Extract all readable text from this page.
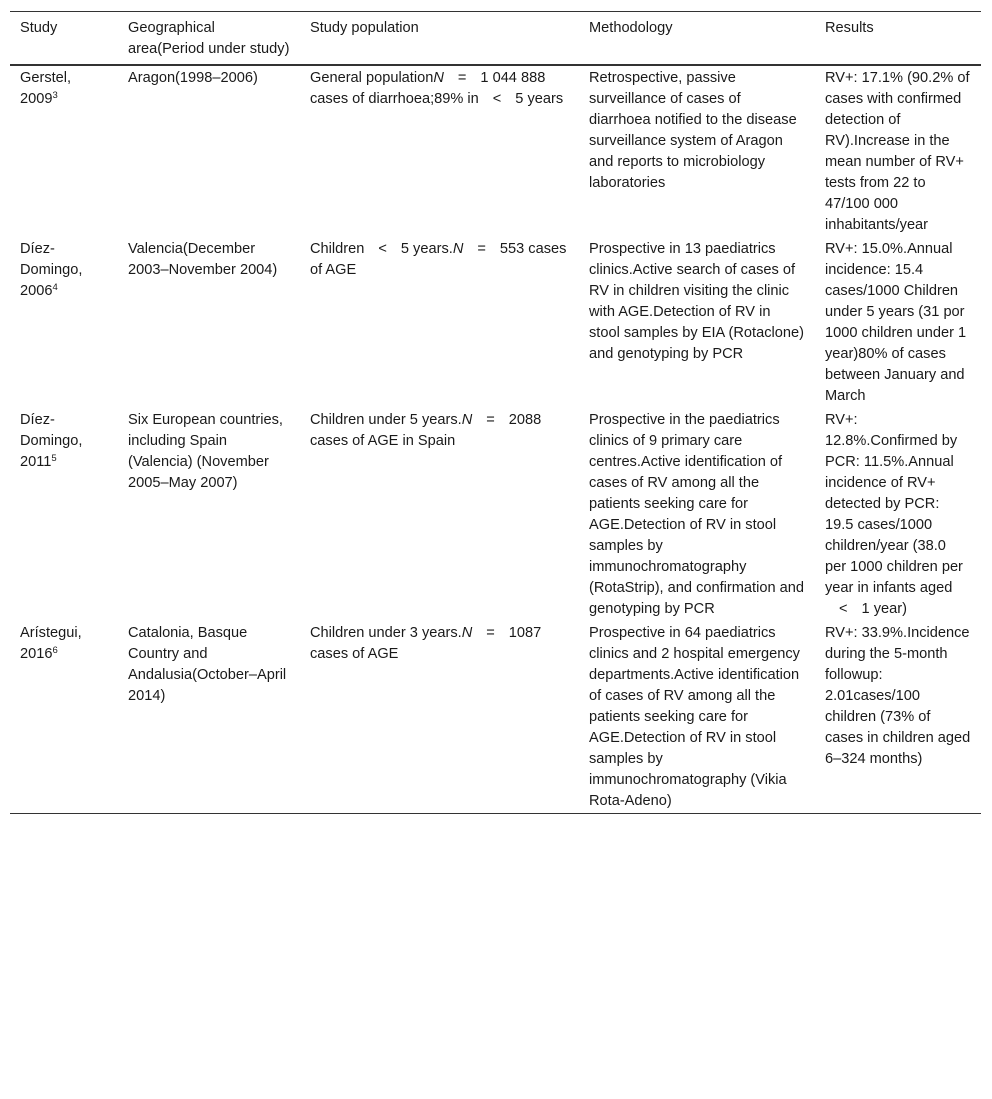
Study	Geographical area(Period under study)	Study population	Methodology	Results
Gerstel, 2009$^3$	Aragon(1998–2006)	General populationN = 1 044 888 cases of diarrhoea;89% in < 5 years	Retrospective, passive surveillance of cases of diarrhoea notified to the disease surveillance system of Aragon and reports to microbiology laboratories	RV+: 17.1% (90.2% of cases with confirmed detection of RV).Increase in the mean number of RV+ tests from 22 to 47/100 000 inhabitants/year
Díez-Domingo, 2006$^4$	Valencia(December 2003–November 2004)	Children < 5 years.N = 553 cases of AGE	Prospective in 13 paediatrics clinics.Active search of cases of RV in children visiting the clinic with AGE.Detection of RV in stool samples by EIA (Rotaclone) and genotyping by PCR	RV+: 15.0%.Annual incidence: 15.4 cases/1000 Children under 5 years (31 por 1000 children under 1 year)80% of cases between January and March
Díez-Domingo, 2011$^5$	Six European countries, including Spain (Valencia) (November 2005–May 2007)	Children under 5 years.N = 2088 cases of AGE in Spain	Prospective in the paediatrics clinics of 9 primary care centres.Active identification of cases of RV among all the patients seeking care for AGE.Detection of RV in stool samples by immunochromatography (RotaStrip), and confirmation and genotyping by PCR	RV+: 12.8%.Confirmed by PCR: 11.5%.Annual incidence of RV+ detected by PCR: 19.5 cases/1000 children/year (38.0 per 1000 children per year in infants aged< 1 year)
Arístegui, 2016$^6$	Catalonia, Basque Country and Andalusia(October–April 2014)	Children under 3 years.N = 1087 cases of AGE	Prospective in 64 paediatrics clinics and 2 hospital emergency departments.Active identification of cases of RV among all the patients seeking care for AGE.Detection of RV in stool samples by immunochromatography (Vikia Rota-Adeno)	RV+: 33.9%.Incidence during the 5-month followup: 2.01cases/100 children (73% of cases in children aged 6–324 months)
